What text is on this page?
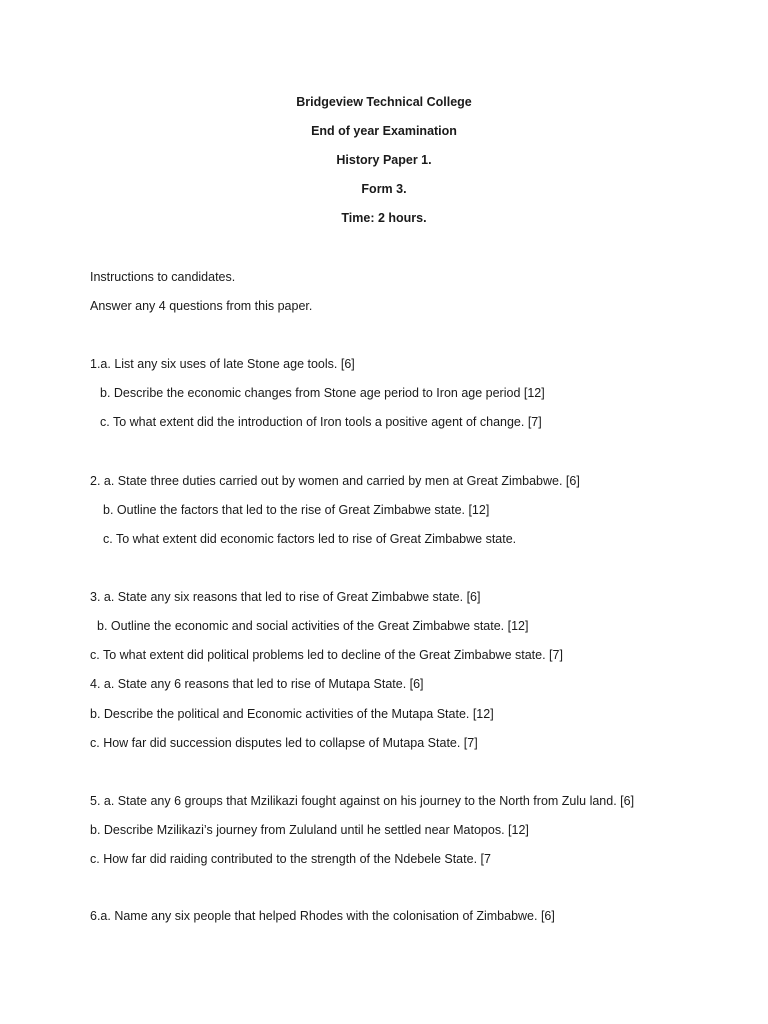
Bridgeview Technical College
End of year Examination
History Paper 1.
Form 3.
Time: 2 hours.
Instructions to candidates.
Answer any 4 questions from this paper.
1.a. List any six uses of late Stone age tools. [6]
b. Describe the economic changes from Stone age period to Iron age period [12]
c. To what extent did the introduction of Iron tools a positive agent of change. [7]
2. a. State three duties carried out by women and carried by men at Great Zimbabwe. [6]
b. Outline the factors that led to the rise of Great Zimbabwe state. [12]
c. To what extent did economic factors led to rise of Great Zimbabwe state.
3. a. State any six reasons that led to rise of Great Zimbabwe state. [6]
b. Outline the economic and social activities of the Great Zimbabwe state. [12]
c. To what extent did political problems led to decline of the Great Zimbabwe state. [7]
4. a. State any 6 reasons that led to rise of Mutapa State. [6]
b. Describe the political and Economic activities of the Mutapa State. [12]
c. How far did succession disputes led to collapse of Mutapa State. [7]
5. a. State any 6 groups that Mzilikazi fought against on his journey to the North from Zulu land. [6]
b. Describe Mzilikazi’s journey from Zululand until he settled near Matopos. [12]
c. How far did raiding contributed to the strength of the Ndebele State. [7
6.a. Name any six people that helped Rhodes with the colonisation of Zimbabwe. [6]
